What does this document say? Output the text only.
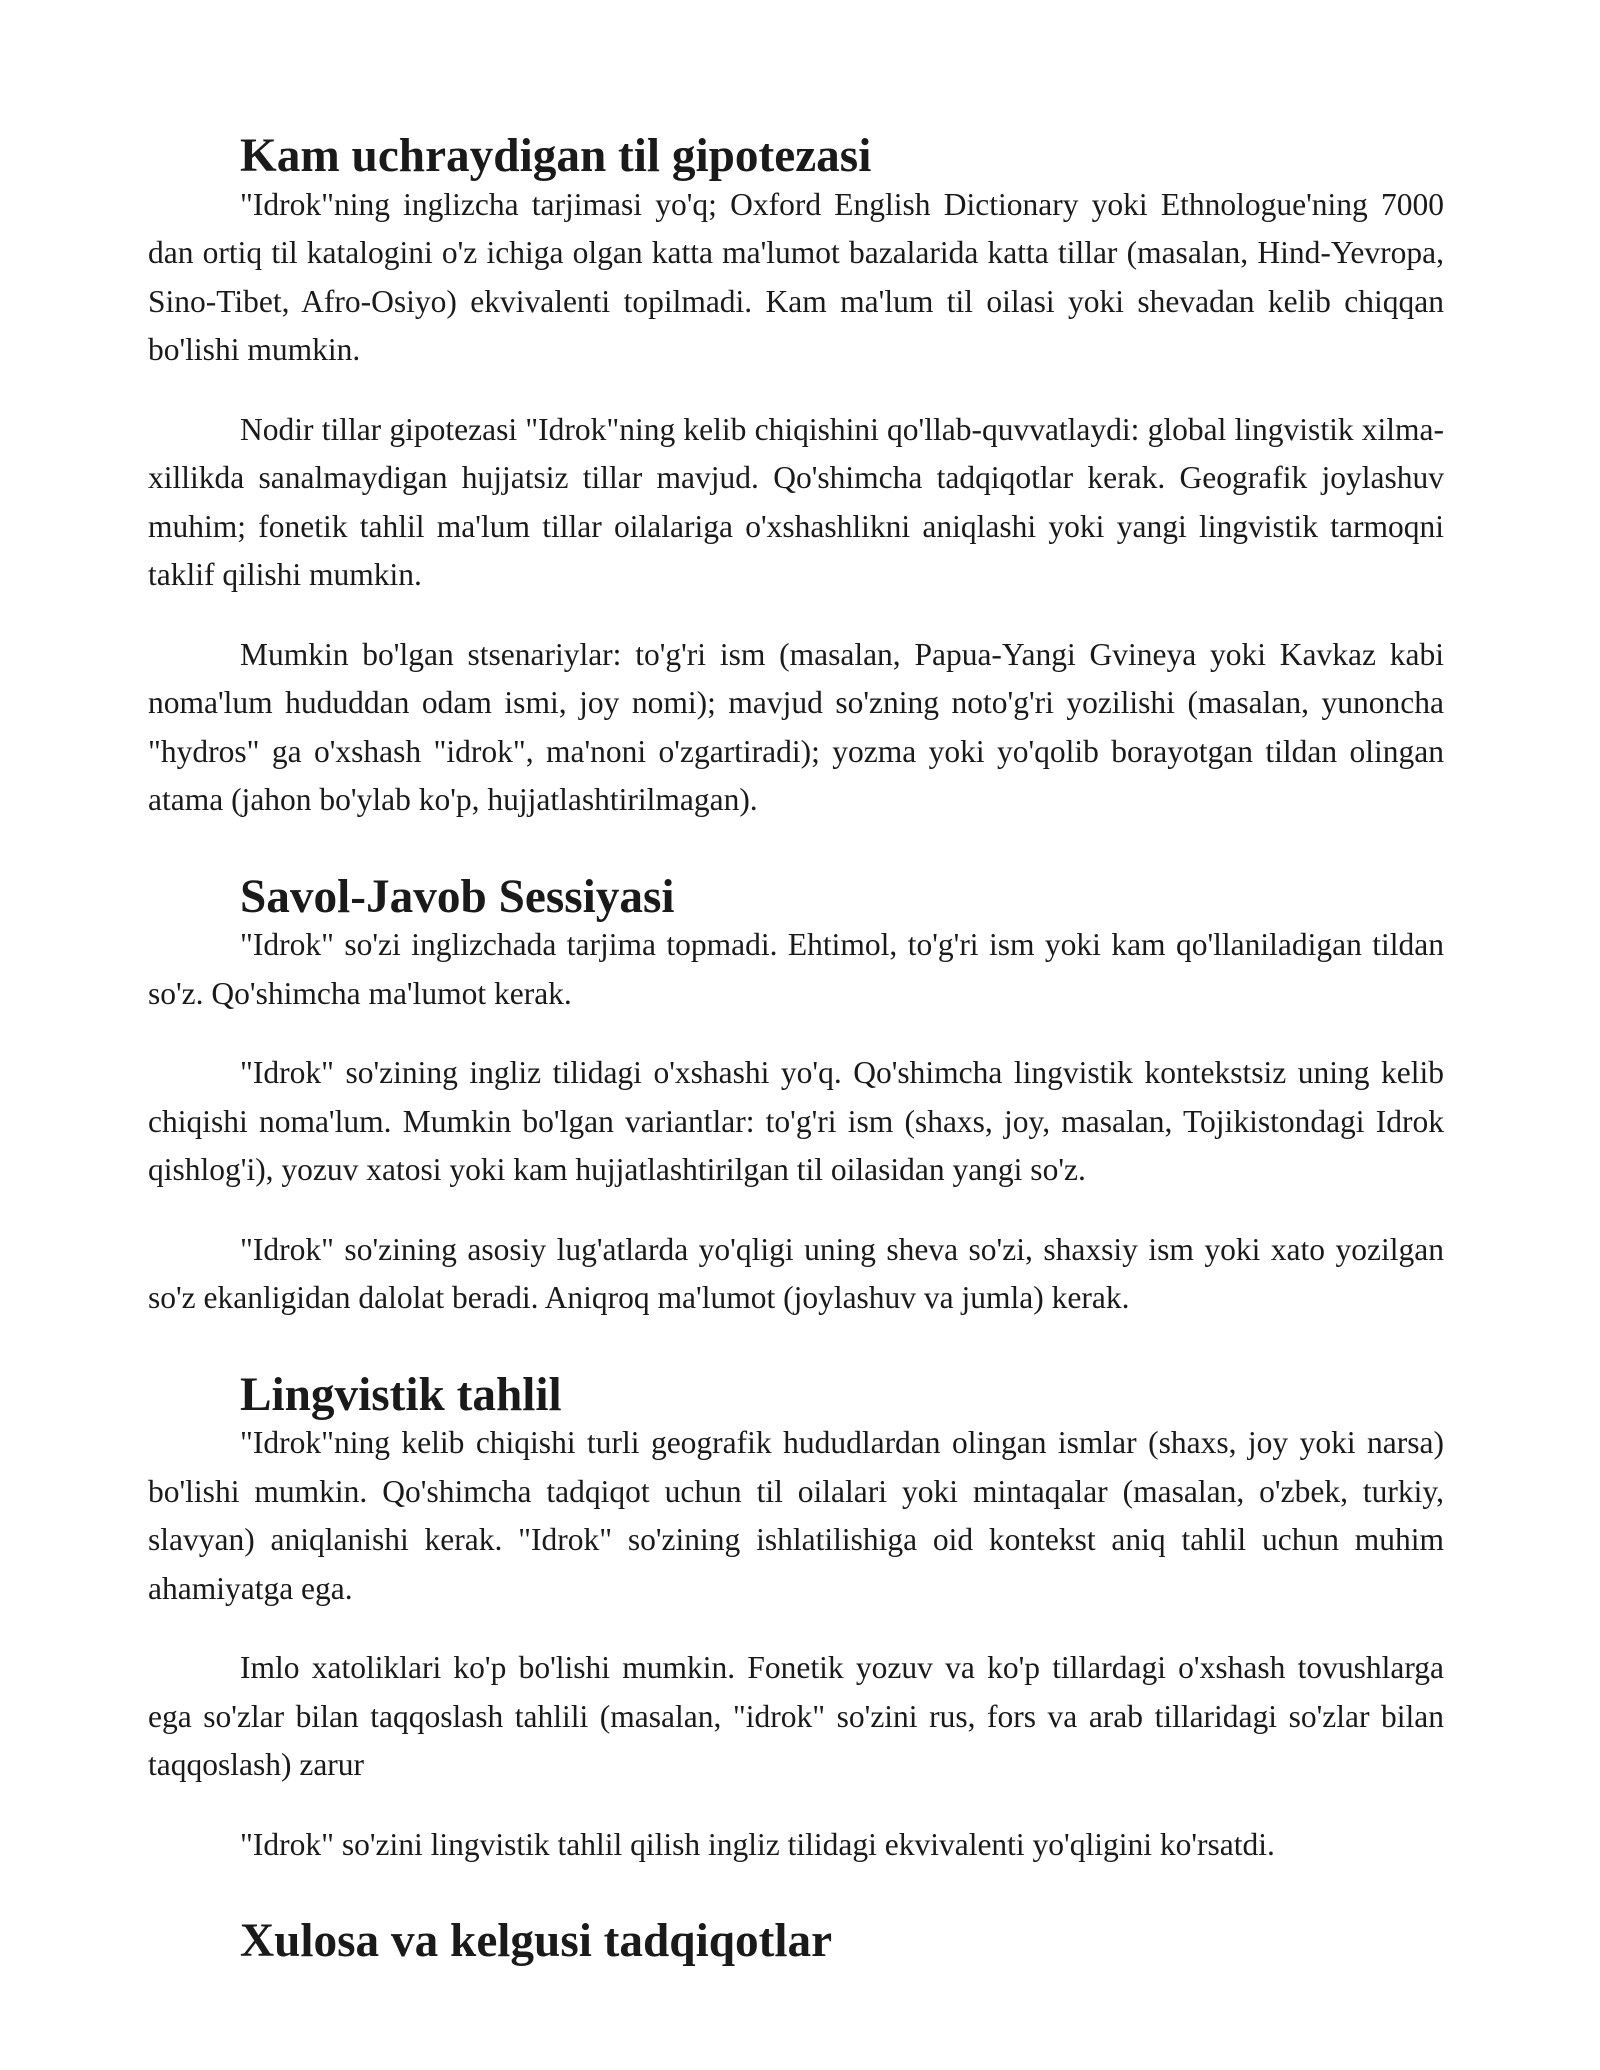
Kam uchraydigan til gipotezasi

"Idrok"ning inglizcha tarjimasi yo'q; Oxford English Dictionary yoki Ethnologue'ning 7000 dan ortiq til katalogini o'z ichiga olgan katta ma'lumot bazalarida katta tillar (masalan, Hind-Yevropa, Sino-Tibet, Afro-Osiyo) ekvivalenti topilmadi. Kam ma'lum til oilasi yoki shevadan kelib chiqqan bo'lishi mumkin.

Nodir tillar gipotezasi "Idrok"ning kelib chiqishini qo'llab-quvvatlaydi: global lingvistik xilma-xillikda sanalmaydigan hujjatsiz tillar mavjud. Qo'shimcha tadqiqotlar kerak. Geografik joylashuv muhim; fonetik tahlil ma'lum tillar oilalariga o'xshashlikni aniqlashi yoki yangi lingvistik tarmoqni taklif qilishi mumkin.

Mumkin bo'lgan stsenariylar: to'g'ri ism (masalan, Papua-Yangi Gvineya yoki Kavkaz kabi noma'lum hududdan odam ismi, joy nomi); mavjud so'zning noto'g'ri yozilishi (masalan, yunoncha "hydros" ga o'xshash "idrok", ma'noni o'zgartiradi); yozma yoki yo'qolib borayotgan tildan olingan atama (jahon bo'ylab ko'p, hujjatlashtirilmagan).

Savol-Javob Sessiyasi

"Idrok" so'zi inglizchada tarjima topmadi. Ehtimol, to'g'ri ism yoki kam qo'llaniladigan tildan so'z. Qo'shimcha ma'lumot kerak.

"Idrok" so'zining ingliz tilidagi o'xshashi yo'q. Qo'shimcha lingvistik kontekstsiz uning kelib chiqishi noma'lum. Mumkin bo'lgan variantlar: to'g'ri ism (shaxs, joy, masalan, Tojikistondagi Idrok qishlog'i), yozuv xatosi yoki kam hujjatlashtirilgan til oilasidan yangi so'z.

"Idrok" so'zining asosiy lug'atlarda yo'qligi uning sheva so'zi, shaxsiy ism yoki xato yozilgan so'z ekanligidan dalolat beradi. Aniqroq ma'lumot (joylashuv va jumla) kerak.

Lingvistik tahlil

"Idrok"ning kelib chiqishi turli geografik hududlardan olingan ismlar (shaxs, joy yoki narsa) bo'lishi mumkin. Qo'shimcha tadqiqot uchun til oilalari yoki mintaqalar (masalan, o'zbek, turkiy, slavyan) aniqlanishi kerak. "Idrok" so'zining ishlatilishiga oid kontekst aniq tahlil uchun muhim ahamiyatga ega.

Imlo xatoliklari ko'p bo'lishi mumkin. Fonetik yozuv va ko'p tillardagi o'xshash tovushlarga ega so'zlar bilan taqqoslash tahlili (masalan, "idrok" so'zini rus, fors va arab tillaridagi so'zlar bilan taqqoslash) zarur

"Idrok" so'zini lingvistik tahlil qilish ingliz tilidagi ekvivalenti yo'qligini ko'rsatdi.

Xulosa va kelgusi tadqiqotlar
